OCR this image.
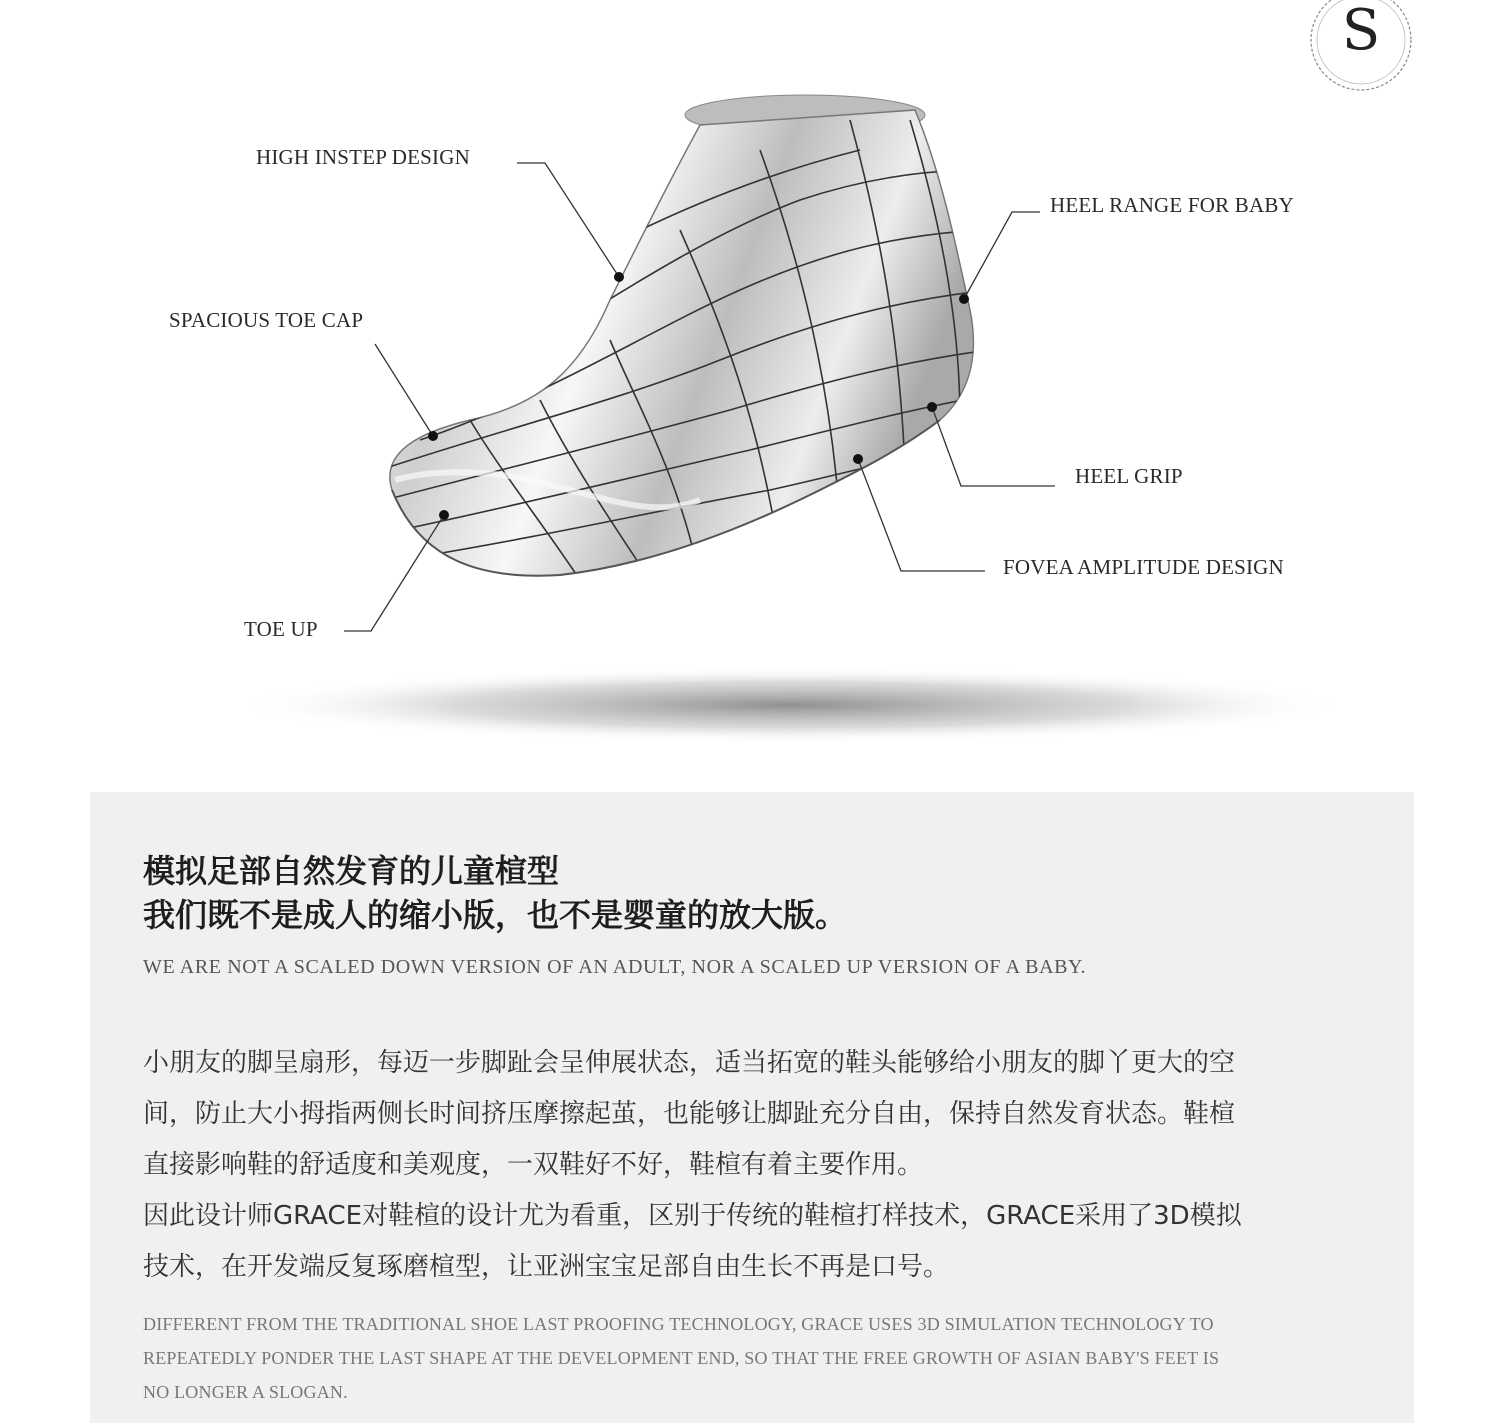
S
HIGH INSTEP DESIGN
SPACIOUS TOE CAP
TOE UP
HEEL RANGE FOR BABY
HEEL GRIP
FOVEA AMPLITUDE DESIGN
模拟足部自然发育的儿童楦型
我们既不是成人的缩小版，也不是婴童的放大版。
WE ARE NOT A SCALED DOWN VERSION OF AN ADULT, NOR A SCALED UP VERSION OF A BABY.
小朋友的脚呈扇形，每迈一步脚趾会呈伸展状态，适当拓宽的鞋头能够给小朋友的脚丫更大的空
间，防止大小拇指两侧长时间挤压摩擦起茧，也能够让脚趾充分自由，保持自然发育状态。鞋楦
直接影响鞋的舒适度和美观度，一双鞋好不好，鞋楦有着主要作用。
因此设计师GRACE对鞋楦的设计尤为看重，区别于传统的鞋楦打样技术，GRACE采用了3D模拟
技术，在开发端反复琢磨楦型，让亚洲宝宝足部自由生长不再是口号。
DIFFERENT FROM THE TRADITIONAL SHOE LAST PROOFING TECHNOLOGY, GRACE USES 3D SIMULATION TECHNOLOGY TO
REPEATEDLY PONDER THE LAST SHAPE AT THE DEVELOPMENT END, SO THAT THE FREE GROWTH OF ASIAN BABY'S FEET IS
NO LONGER A SLOGAN.
